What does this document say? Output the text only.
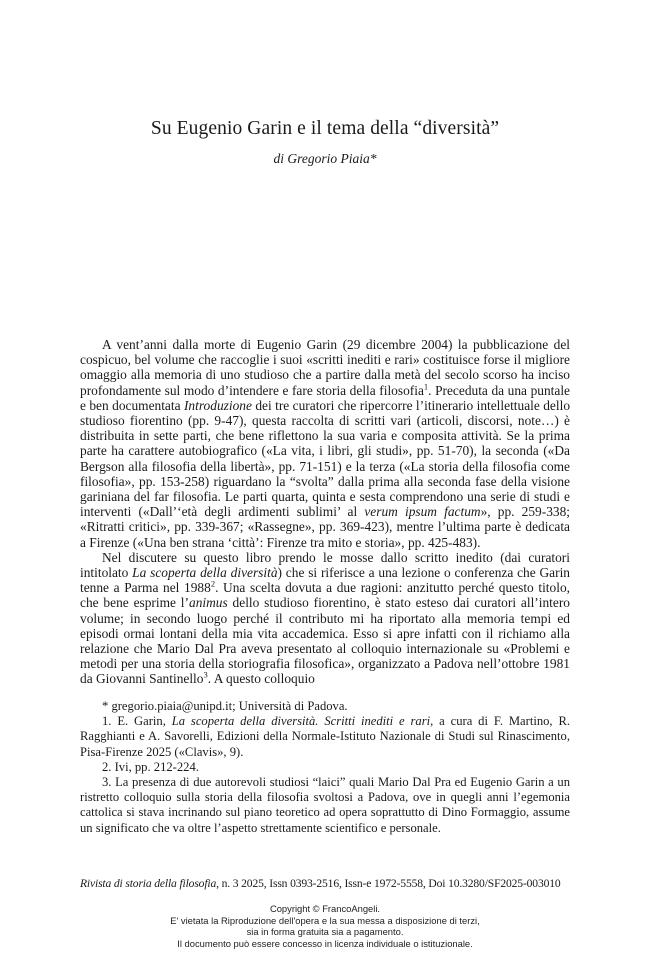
Su Eugenio Garin e il tema della “diversità”
di Gregorio Piaia*

A vent’anni dalla morte di Eugenio Garin (29 dicembre 2004) la pubblicazione del cospicuo, bel volume che raccoglie i suoi «scritti inediti e rari» costituisce forse il migliore omaggio alla memoria di uno studioso che a partire dalla metà del secolo scorso ha inciso profondamente sul modo d’intendere e fare storia della filosofia$^1$. Preceduta da una puntale e ben documentata Introduzione dei tre curatori che ripercorre l’itinerario intellettuale dello studioso fiorentino (pp. 9-47), questa raccolta di scritti vari (articoli, discorsi, note…) è distribuita in sette parti, che bene riflettono la sua varia e composita attività. Se la prima parte ha carattere autobiografico («La vita, i libri, gli studi», pp. 51-70), la seconda («Da Bergson alla filosofia della libertà», pp. 71-151) e la terza («La storia della filosofia come filosofia», pp. 153-258) riguardano la “svolta” dalla prima alla seconda fase della visione gariniana del far filosofia. Le parti quarta, quinta e sesta comprendono una serie di studi e interventi («Dall’‘età degli ardimenti sublimi’ al verum ipsum factum», pp. 259-338; «Ritratti critici», pp. 339-367; «Rassegne», pp. 369-423), mentre l’ultima parte è dedicata a Firenze («Una ben strana ‘città’: Firenze tra mito e storia», pp. 425-483).

Nel discutere su questo libro prendo le mosse dallo scritto inedito (dai curatori intitolato La scoperta della diversità) che si riferisce a una lezione o conferenza che Garin tenne a Parma nel 1988$^2$. Una scelta dovuta a due ragioni: anzitutto perché questo titolo, che bene esprime l’animus dello studioso fiorentino, è stato esteso dai curatori all’intero volume; in secondo luogo perché il contributo mi ha riportato alla memoria tempi ed episodi ormai lontani della mia vita accademica. Esso si apre infatti con il richiamo alla relazione che Mario Dal Pra aveva presentato al colloquio internazionale su «Problemi e metodi per una storia della storiografia filosofica», organizzato a Padova nell’ottobre 1981 da Giovanni Santinello$^3$. A questo colloquio

* gregorio.piaia@unipd.it; Università di Padova.

1. E. Garin, La scoperta della diversità. Scritti inediti e rari, a cura di F. Martino, R. Ragghianti e A. Savorelli, Edizioni della Normale-Istituto Nazionale di Studi sul Rinascimento, Pisa-Firenze 2025 («Clavis», 9).

2. Ivi, pp. 212-224.

3. La presenza di due autorevoli studiosi “laici” quali Mario Dal Pra ed Eugenio Garin a un ristretto colloquio sulla storia della filosofia svoltosi a Padova, ove in quegli anni l’egemonia cattolica si stava incrinando sul piano teoretico ad opera soprattutto di Dino Formaggio, assume un significato che va oltre l’aspetto strettamente scientifico e personale.

Rivista di storia della filosofia, n. 3 2025, Issn 0393-2516, Issn-e 1972-5558, Doi 10.3280/SF2025-003010
Copyright © FrancoAngeli.
E' vietata la Riproduzione dell'opera e la sua messa a disposizione di terzi,
sia in forma gratuita sia a pagamento.
Il documento può essere concesso in licenza individuale o istituzionale.
